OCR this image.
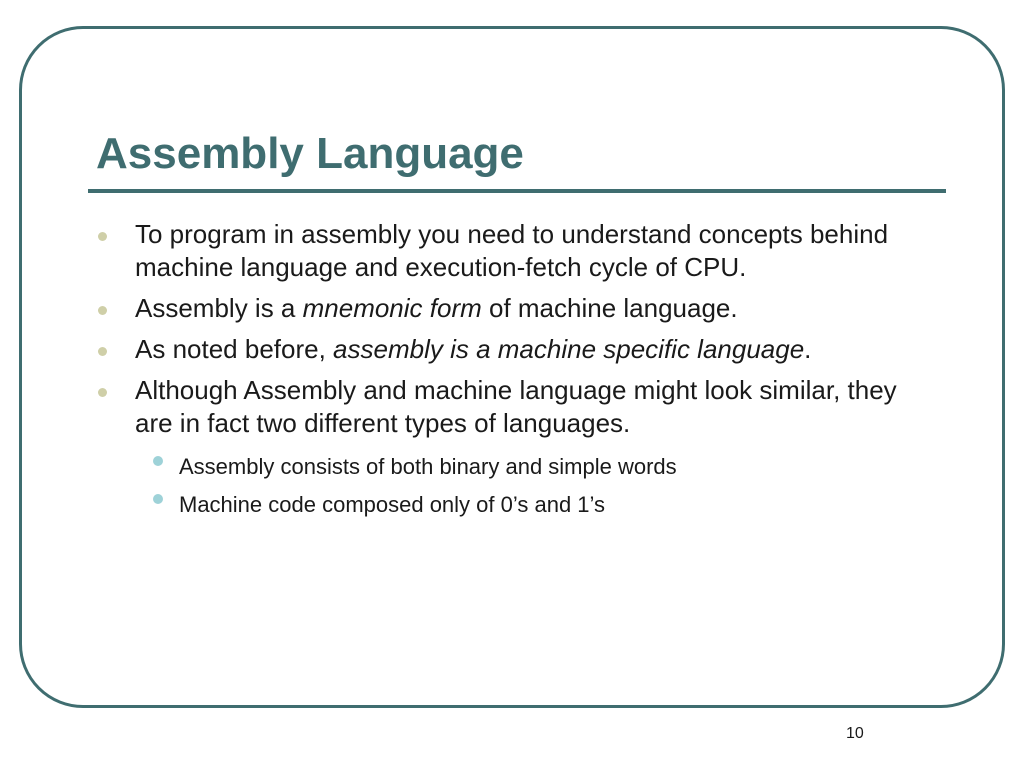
Assembly Language
To program in assembly you need to understand concepts behind machine language and execution-fetch cycle of CPU.
Assembly is a mnemonic form of machine language.
As noted before, assembly is a machine specific language.
Although Assembly and machine language might look similar, they are in fact two different types of languages.
Assembly consists of both binary and simple words
Machine code composed only of 0’s and 1’s
10
